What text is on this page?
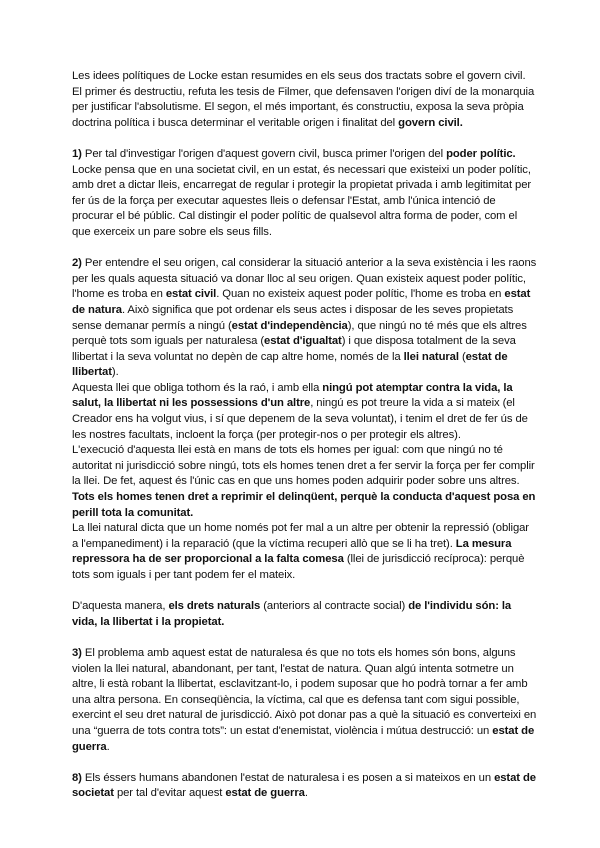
Les idees polítiques de Locke estan resumides en els seus dos tractats sobre el govern civil. El primer és destructiu, refuta les tesis de Filmer, que defensaven l'origen diví de la monarquia per justificar l'absolutisme. El segon, el més important, és constructiu, exposa la seva pròpia doctrina política i busca determinar el veritable origen i finalitat del govern civil.

1) Per tal d'investigar l'origen d'aquest govern civil, busca primer l'origen del poder polític. Locke pensa que en una societat civil, en un estat, és necessari que existeixi un poder polític, amb dret a dictar lleis, encarregat de regular i protegir la propietat privada i amb legitimitat per fer ús de la força per executar aquestes lleis o defensar l'Estat, amb l'única intenció de procurar el bé públic. Cal distingir el poder polític de qualsevol altra forma de poder, com el que exerceix un pare sobre els seus fills.

2) Per entendre el seu origen, cal considerar la situació anterior a la seva existència i les raons per les quals aquesta situació va donar lloc al seu origen. Quan existeix aquest poder polític, l'home es troba en estat civil. Quan no existeix aquest poder polític, l'home es troba en estat de natura. Això significa que pot ordenar els seus actes i disposar de les seves propietats sense demanar permís a ningú (estat d'independència), que ningú no té més que els altres perquè tots som iguals per naturalesa (estat d'igualtat) i que disposa totalment de la seva llibertat i la seva voluntat no depèn de cap altre home, només de la llei natural (estat de llibertat).

Aquesta llei que obliga tothom és la raó, i amb ella ningú pot atemptar contra la vida, la salut, la llibertat ni les possessions d'un altre, ningú es pot treure la vida a si mateix (el Creador ens ha volgut vius, i sí que depenem de la seva voluntat), i tenim el dret de fer ús de les nostres facultats, incloent la força (per protegir-nos o per protegir els altres).

L'execució d'aquesta llei està en mans de tots els homes per igual: com que ningú no té autoritat ni jurisdicció sobre ningú, tots els homes tenen dret a fer servir la força per fer complir la llei. De fet, aquest és l'únic cas en que uns homes poden adquirir poder sobre uns altres. Tots els homes tenen dret a reprimir el delinqüent, perquè la conducta d'aquest posa en perill tota la comunitat.

La llei natural dicta que un home només pot fer mal a un altre per obtenir la repressió (obligar a l'empanediment) i la reparació (que la víctima recuperi allò que se li ha tret). La mesura repressora ha de ser proporcional a la falta comesa (llei de jurisdicció recíproca): perquè tots som iguals i per tant podem fer el mateix.

D'aquesta manera, els drets naturals (anteriors al contracte social) de l'individu són: la vida, la llibertat i la propietat.

3) El problema amb aquest estat de naturalesa és que no tots els homes són bons, alguns violen la llei natural, abandonant, per tant, l'estat de natura. Quan algú intenta sotmetre un altre, li està robant la llibertat, esclavitzant-lo, i podem suposar que ho podrà tornar a fer amb una altra persona. En conseqüència, la víctima, cal que es defensa tant com sigui possible, exercint el seu dret natural de jurisdicció. Això pot donar pas a què la situació es converteixi en una “guerra de tots contra tots”: un estat d'enemistat, violència i mútua destrucció: un estat de guerra.

8) Els éssers humans abandonen l'estat de naturalesa i es posen a si mateixos en un estat de societat per tal d'evitar aquest estat de guerra.
